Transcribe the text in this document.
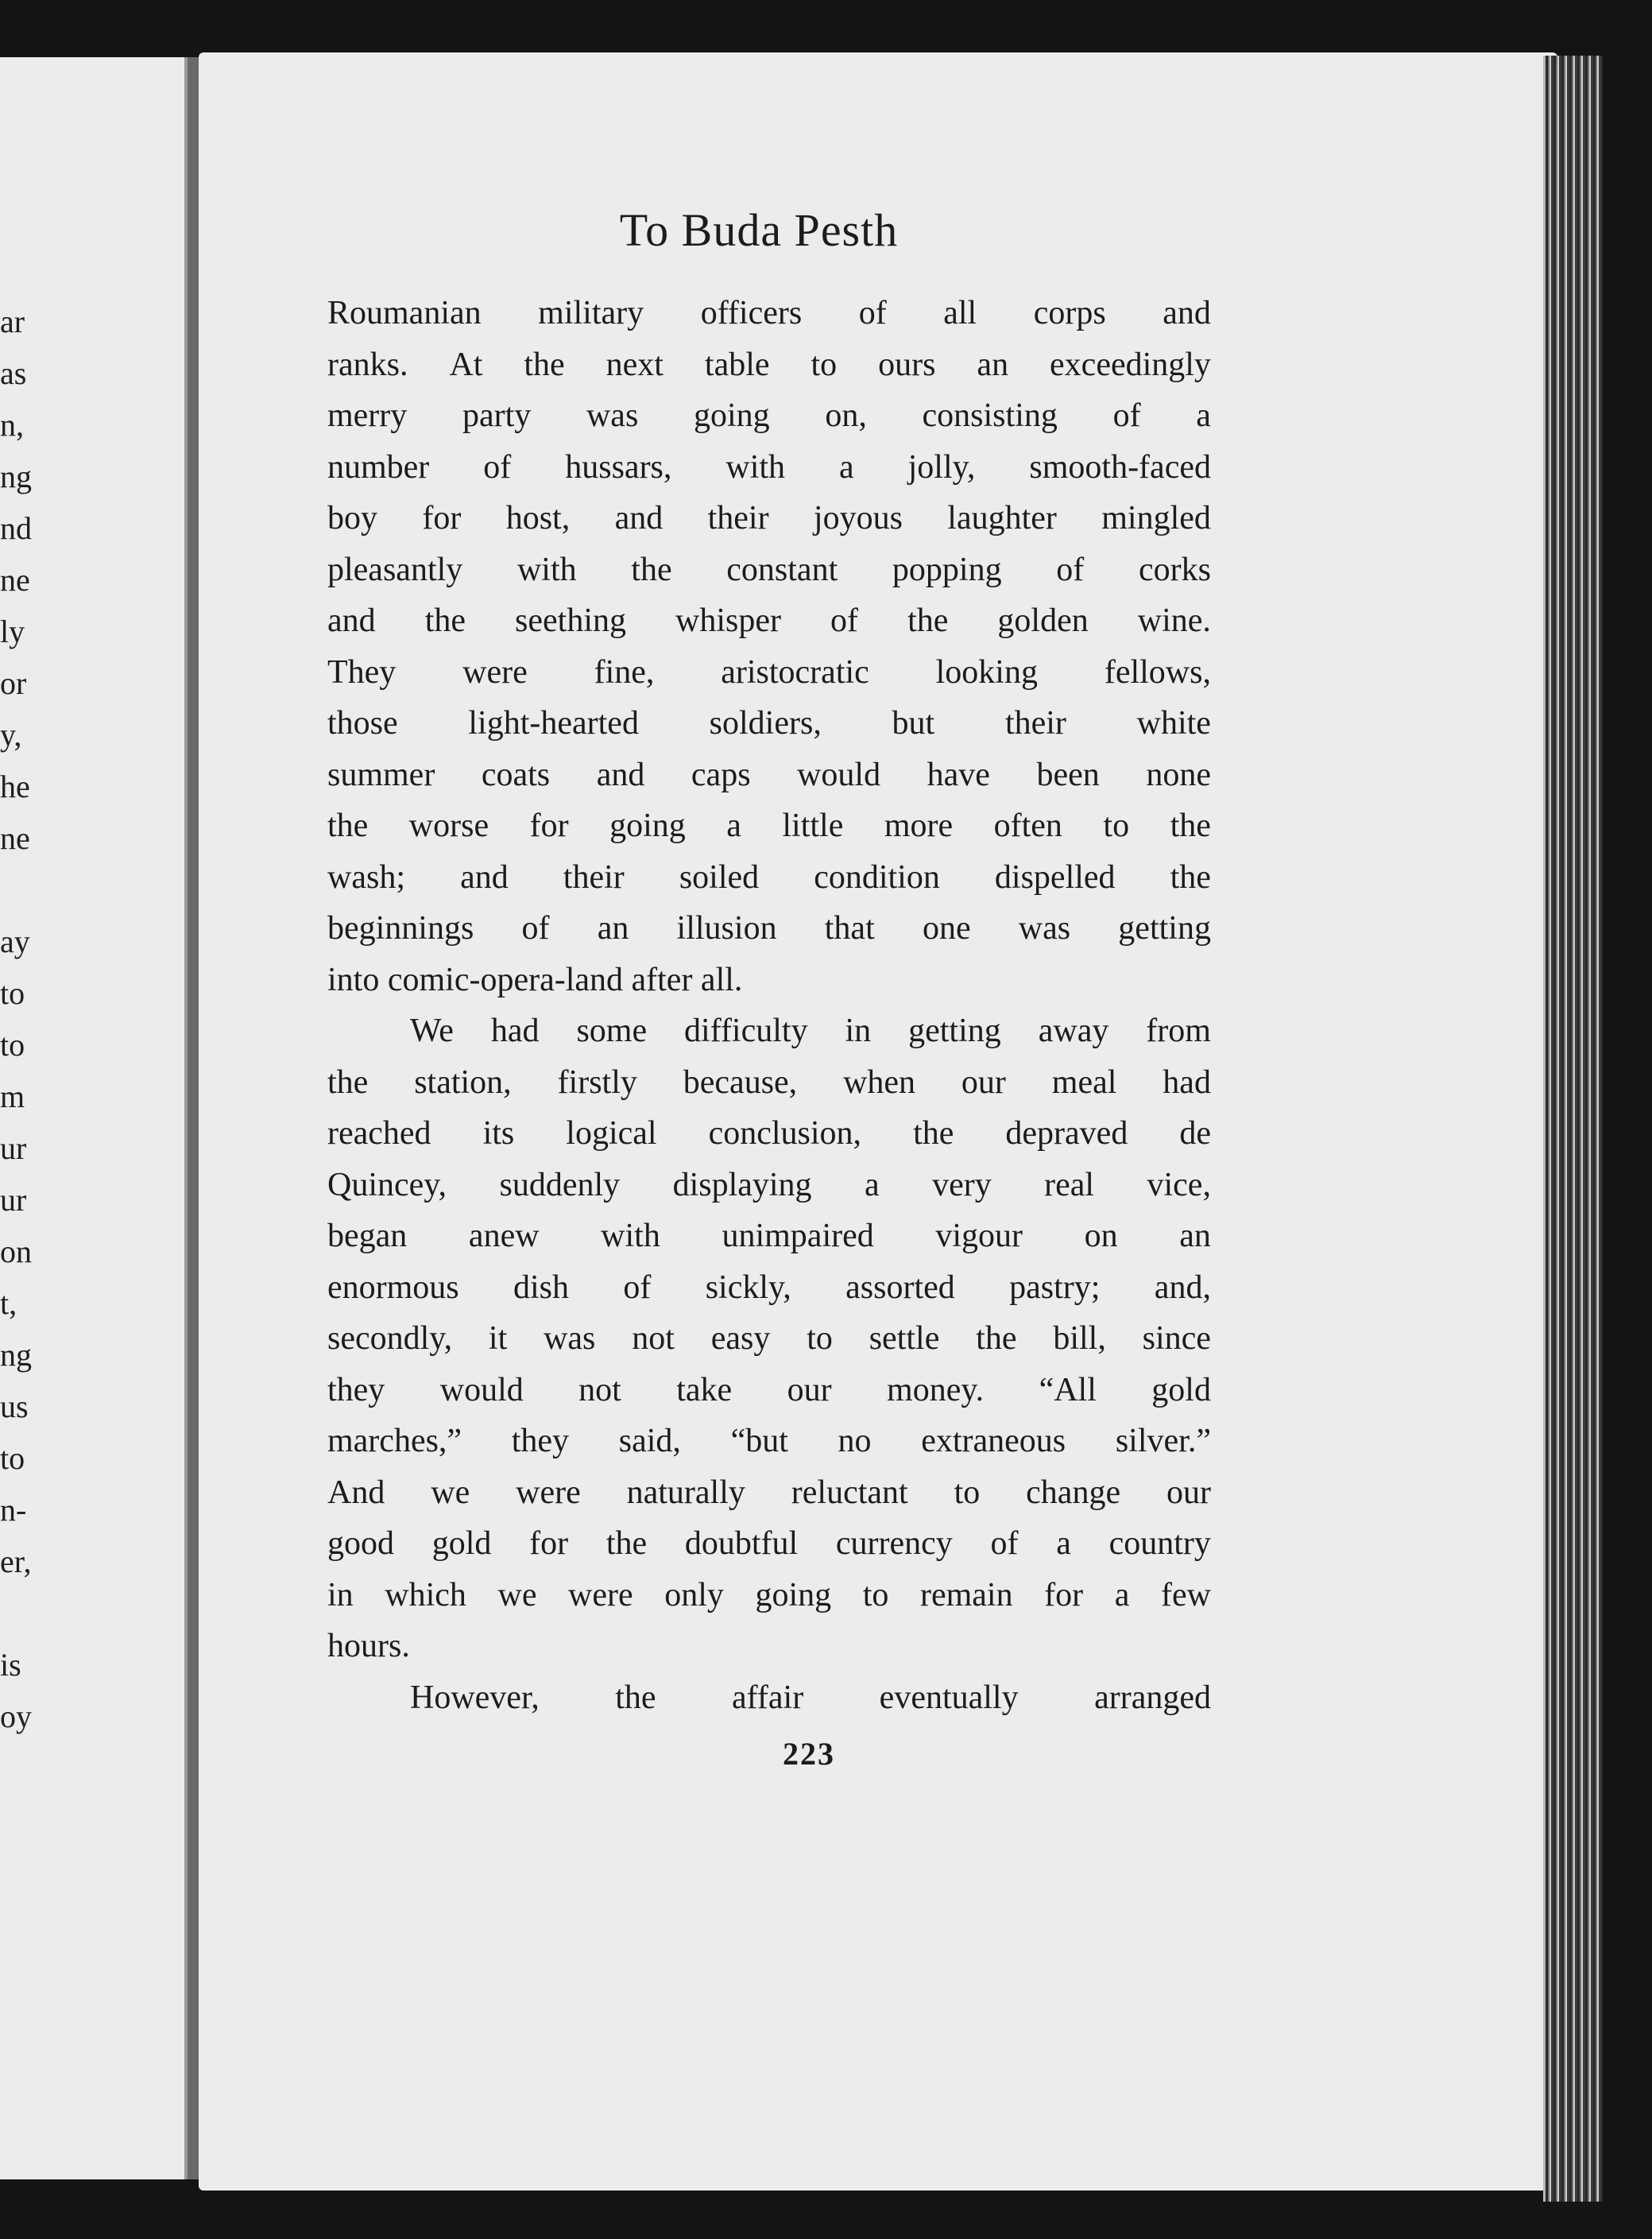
ar
as
n,
ng
nd
ne
ly
or
y,
he
ne
ay
to
to
m
ur
ur
on
t,
ng
us
to
n-
er,
is
oy
To Buda Pesth
Roumanian military officers of all corps and
ranks. At the next table to ours an exceedingly
merry party was going on, consisting of a
number of hussars, with a jolly, smooth-faced
boy for host, and their joyous laughter mingled
pleasantly with the constant popping of corks
and the seething whisper of the golden wine.
They were fine, aristocratic looking fellows,
those light-hearted soldiers, but their white
summer coats and caps would have been none
the worse for going a little more often to the
wash; and their soiled condition dispelled the
beginnings of an illusion that one was getting
into comic-opera-land after all.
We had some difficulty in getting away from
the station, firstly because, when our meal had
reached its logical conclusion, the depraved de
Quincey, suddenly displaying a very real vice,
began anew with unimpaired vigour on an
enormous dish of sickly, assorted pastry; and,
secondly, it was not easy to settle the bill, since
they would not take our money. “All gold
marches,” they said, “but no extraneous silver.”
And we were naturally reluctant to change our
good gold for the doubtful currency of a country
in which we were only going to remain for a few
hours.
However, the affair eventually arranged
223
